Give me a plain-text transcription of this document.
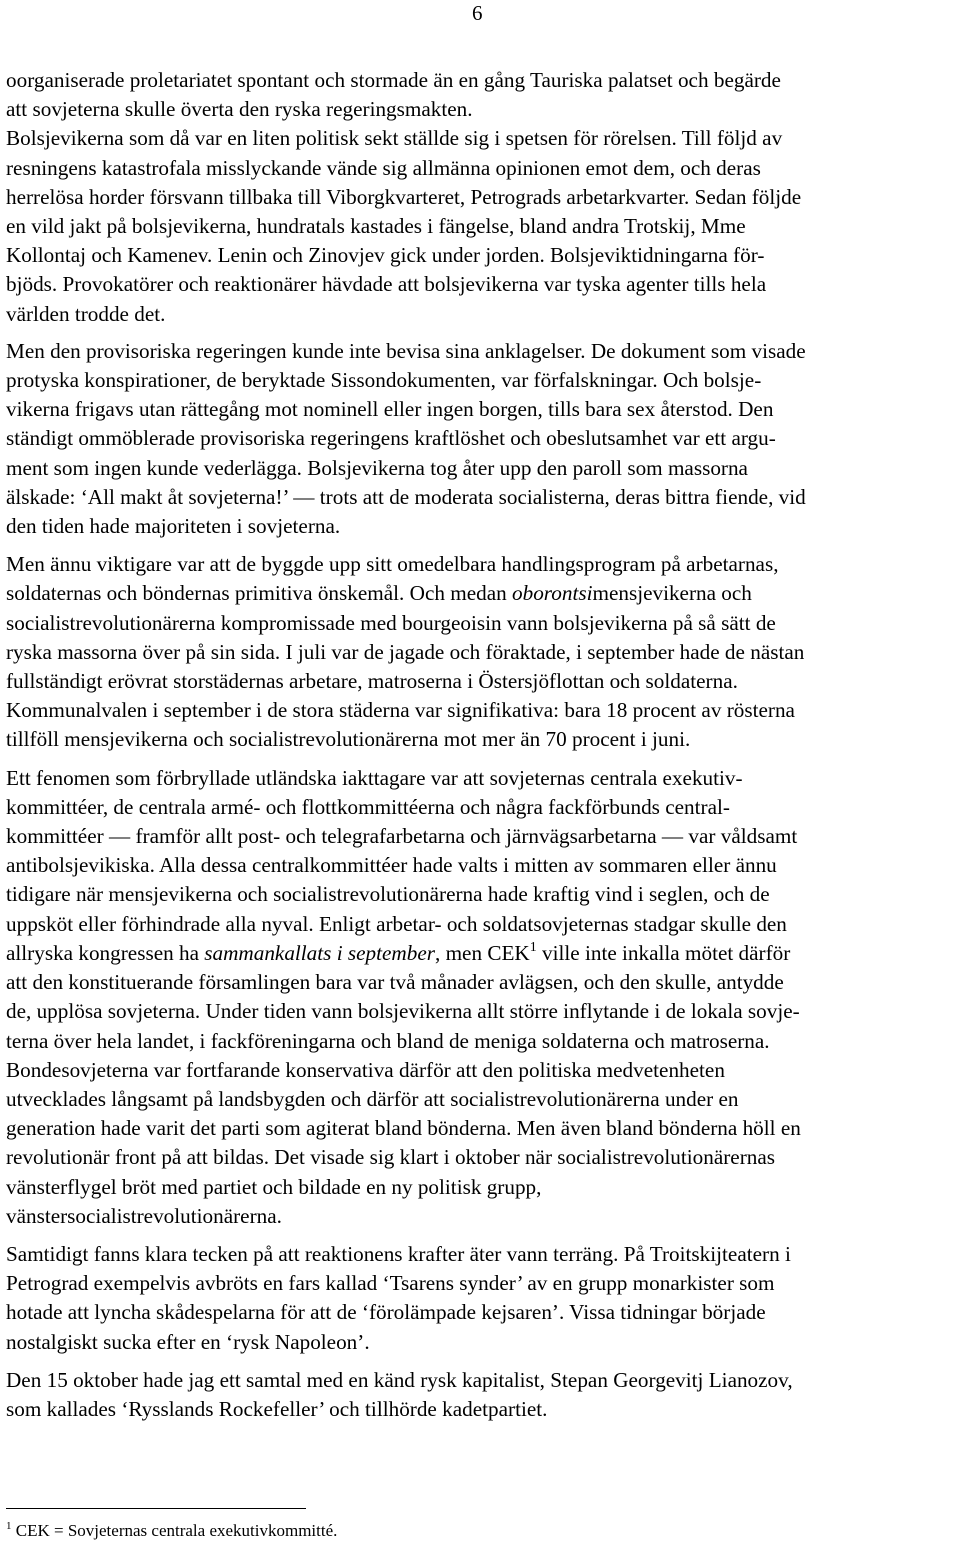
6

oorganiserade proletariatet spontant och stormade än en gång Tauriska palatset och begärde
att sovjeterna skulle överta den ryska regeringsmakten.
Bolsjevikerna som då var en liten politisk sekt ställde sig i spetsen för rörelsen. Till följd av
resningens katastrofala misslyckande vände sig allmänna opinionen emot dem, och deras
herrelösa horder försvann tillbaka till Viborgkvarteret, Petrograds arbetarkvarter. Sedan följde
en vild jakt på bolsjevikerna, hundratals kastades i fängelse, bland andra Trotskij, Mme
Kollontaj och Kamenev. Lenin och Zinovjev gick under jorden. Bolsjeviktidningarna för-
bjöds. Provokatörer och reaktionärer hävdade att bolsjevikerna var tyska agenter tills hela
världen trodde det.

Men den provisoriska regeringen kunde inte bevisa sina anklagelser. De dokument som visade
protyska konspirationer, de beryktade Sissondokumenten, var förfalskningar. Och bolsje-
vikerna frigavs utan rättegång mot nominell eller ingen borgen, tills bara sex återstod. Den
ständigt ommöblerade provisoriska regeringens kraftlöshet och obeslutsamhet var ett argu-
ment som ingen kunde vederlägga. Bolsjevikerna tog åter upp den paroll som massorna
älskade: ‘All makt åt sovjeterna!’ — trots att de moderata socialisterna, deras bittra fiende, vid
den tiden hade majoriteten i sovjeterna.

Men ännu viktigare var att de byggde upp sitt omedelbara handlingsprogram på arbetarnas,
soldaternas och böndernas primitiva önskemål. Och medan oborontsimensjevikerna och
socialistrevolutionärerna kompromissade med bourgeoisin vann bolsjevikerna på så sätt de
ryska massorna över på sin sida. I juli var de jagade och föraktade, i september hade de nästan
fullständigt erövrat storstädernas arbetare, matroserna i Östersjöflottan och soldaterna.
Kommunalvalen i september i de stora städerna var signifikativa: bara 18 procent av rösterna
tillföll mensjevikerna och socialistrevolutionärerna mot mer än 70 procent i juni.

Ett fenomen som förbryllade utländska iakttagare var att sovjeternas centrala exekutiv-
kommittéer, de centrala armé- och flottkommittéerna och några fackförbunds central-
kommittéer — framför allt post- och telegrafarbetarna och järnvägsarbetarna — var våldsamt
antibolsjevikiska. Alla dessa centralkommittéer hade valts i mitten av sommaren eller ännu
tidigare när mensjevikerna och socialistrevolutionärerna hade kraftig vind i seglen, och de
uppsköt eller förhindrade alla nyval. Enligt arbetar- och soldatsovjeternas stadgar skulle den
allryska kongressen ha sammankallats i september, men CEK$^1$ ville inte inkalla mötet därför
att den konstituerande församlingen bara var två månader avlägsen, och den skulle, antydde
de, upplösa sovjeterna. Under tiden vann bolsjevikerna allt större inflytande i de lokala sovje-
terna över hela landet, i fackföreningarna och bland de meniga soldaterna och matroserna.
Bondesovjeterna var fortfarande konservativa därför att den politiska medvetenheten
utvecklades långsamt på landsbygden och därför att socialistrevolutionärerna under en
generation hade varit det parti som agiterat bland bönderna. Men även bland bönderna höll en
revolutionär front på att bildas. Det visade sig klart i oktober när socialistrevolutionärernas
vänsterflygel bröt med partiet och bildade en ny politisk grupp,
vänstersocialistrevolutionärerna.

Samtidigt fanns klara tecken på att reaktionens krafter äter vann terräng. På Troitskijteatern i
Petrograd exempelvis avbröts en fars kallad ‘Tsarens synder’ av en grupp monarkister som
hotade att lyncha skådespelarna för att de ‘förolämpade kejsaren’. Vissa tidningar började
nostalgiskt sucka efter en ‘rysk Napoleon’.

Den 15 oktober hade jag ett samtal med en känd rysk kapitalist, Stepan Georgevitj Lianozov,
som kallades ‘Rysslands Rockefeller’ och tillhörde kadetpartiet.

$^1$ CEK = Sovjeternas centrala exekutivkommitté.
